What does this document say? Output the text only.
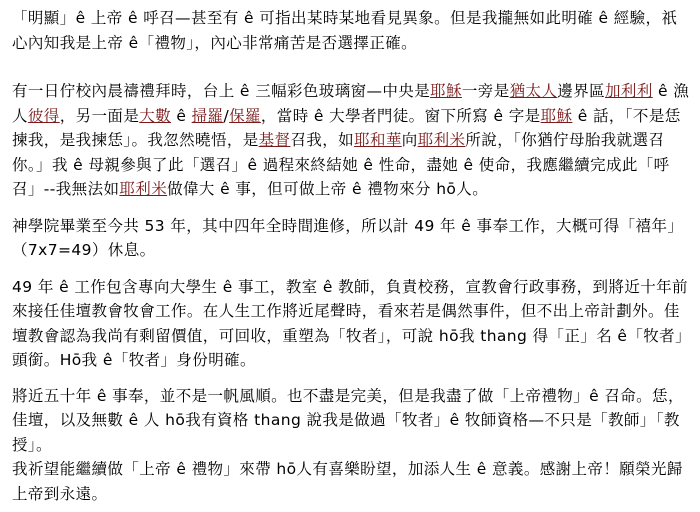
「明顯」ê 上帝 ê 呼召—甚至有 ê 可指出某時某地看見異象。但是我攏無如此明確 ê 經驗，祇心內知我是上帝 ê「禮物」，內心非常痛苦是否選擇正確。

有一日佇校內晨禱禮拜時，台上 ê 三幅彩色玻璃窗—中央是耶穌一旁是猶太人邊界區加利利 ê 漁人彼得，另一面是大數 ê 掃羅/保羅，當時 ê 大學者門徒。窗下所寫 ê 字是耶穌 ê 話，「不是恁揀我，是我揀恁」。我忽然曉悟，是基督召我，如耶和華向耶利米所說，「你猶佇母胎我就選召你。」我 ê 母親參與了此「選召」ê 過程來終結她 ê 性命，盡她 ê 使命，我應繼續完成此「呼召」--我無法如耶利米做偉大 ê 事，但可做上帝 ê 禮物來分 hō人。

神學院畢業至今共 53 年，其中四年全時間進修，所以計 49 年 ê 事奉工作，大概可得「禧年」（7x7=49）休息。

49 年 ê 工作包含專向大學生 ê 事工，教室 ê 教師，負責校務，宣教會行政事務，到將近十年前來接任佳壇教會牧會工作。在人生工作將近尾聲時，看來若是偶然事件，但不出上帝計劃外。佳壇教會認為我尚有剩留價值，可回收，重塑為「牧者」，可說 hō我 thang 得「正」名 ê「牧者」頭銜。Hō我 ê「牧者」身份明確。

將近五十年 ê 事奉，並不是一帆風順。也不盡是完美，但是我盡了做「上帝禮物」ê 召命。恁， 佳壇，以及無數 ê 人 hō我有資格 thang 說我是做過「牧者」ê 牧師資格—不只是「教師」「教授」。

我祈望能繼續做「上帝 ê 禮物」來帶 hō人有喜樂盼望，加添人生 ê 意義。感謝上帝！願榮光歸上帝到永遠。
